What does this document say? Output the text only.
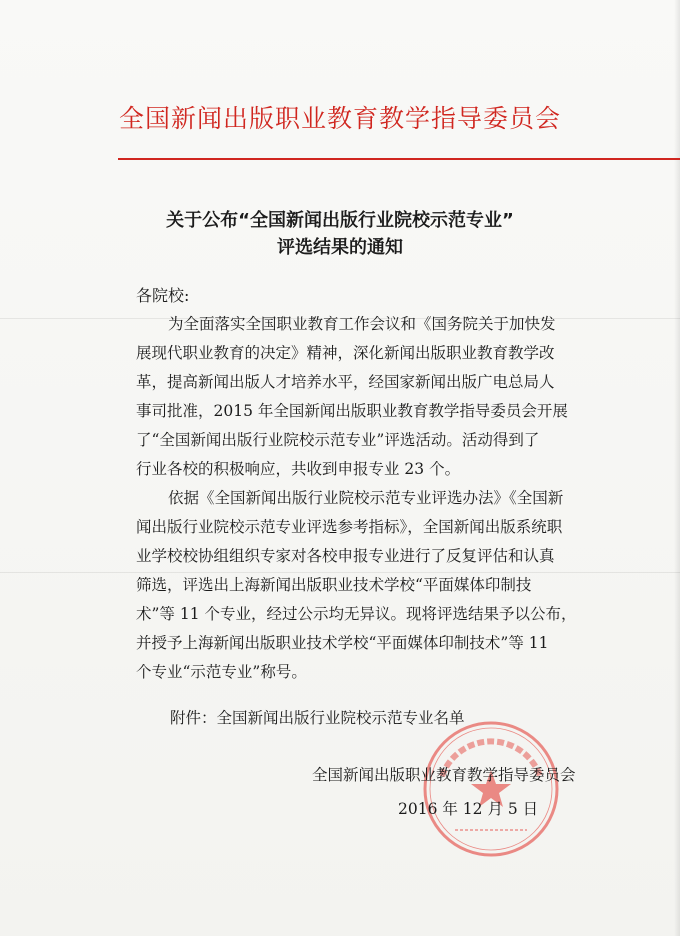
全国新闻出版职业教育教学指导委员会
关于公布“全国新闻出版行业院校示范专业”
评选结果的通知
各院校:
为全面落实全国职业教育工作会议和《国务院关于加快发
展现代职业教育的决定》精神，深化新闻出版职业教育教学改
革，提高新闻出版人才培养水平，经国家新闻出版广电总局人
事司批准，2015 年全国新闻出版职业教育教学指导委员会开展
了“全国新闻出版行业院校示范专业”评选活动。活动得到了
行业各校的积极响应，共收到申报专业 23 个。
依据《全国新闻出版行业院校示范专业评选办法》《全国新
闻出版行业院校示范专业评选参考指标》，全国新闻出版系统职
业学校校协组组织专家对各校申报专业进行了反复评估和认真
筛选，评选出上海新闻出版职业技术学校“平面媒体印制技
术”等 11 个专业，经过公示均无异议。现将评选结果予以公布，
并授予上海新闻出版职业技术学校“平面媒体印制技术”等 11
个专业“示范专业”称号。
附件：全国新闻出版行业院校示范专业名单
全国新闻出版职业教育教学指导委员会
2016 年 12 月 5 日
